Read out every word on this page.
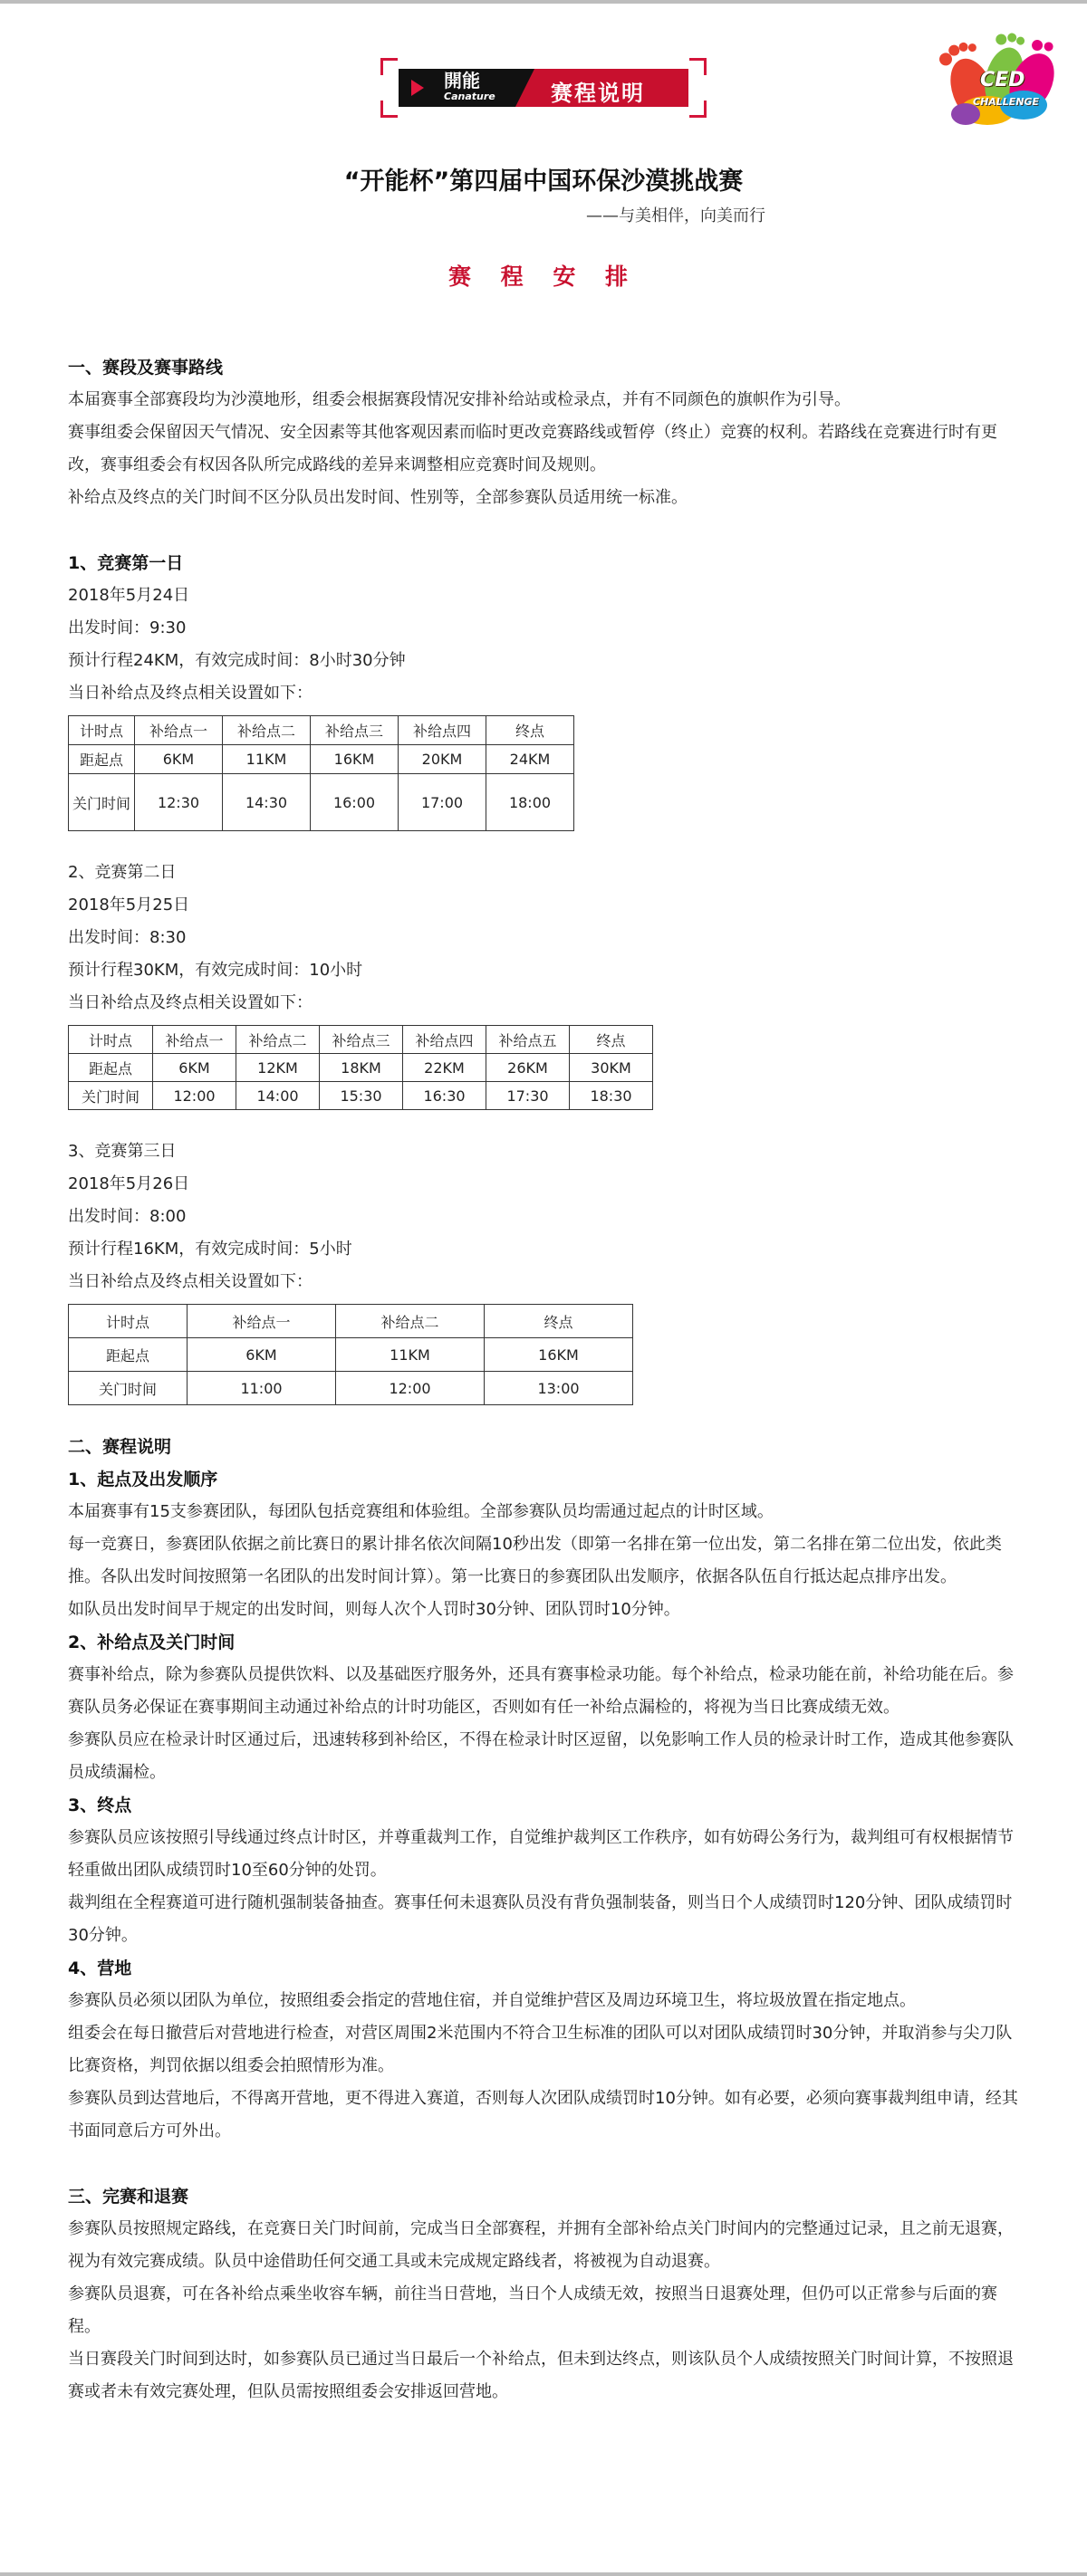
開能
Canature	赛程说明
CED
CHALLENGE
“开能杯”第四届中国环保沙漠挑战赛
——与美相伴，向美而行
赛 程 安 排

一、赛段及赛事路线

本届赛事全部赛段均为沙漠地形，组委会根据赛段情况安排补给站或检录点，并有不同颜色的旗帜作为引导。

赛事组委会保留因天气情况、安全因素等其他客观因素而临时更改竞赛路线或暂停（终止）竞赛的权利。若路线在竞赛进行时有更改，赛事组委会有权因各队所完成路线的差异来调整相应竞赛时间及规则。

补给点及终点的关门时间不区分队员出发时间、性别等，全部参赛队员适用统一标准。

1、竞赛第一日

2018年5月24日

出发时间：9:30

预计行程24KM，有效完成时间：8小时30分钟

当日补给点及终点相关设置如下：

计时点	补给点一	补给点二	补给点三	补给点四	终点
距起点	6KM	11KM	16KM	20KM	24KM
关门时间	12:30	14:30	16:00	17:00	18:00

2、竞赛第二日

2018年5月25日

出发时间：8:30

预计行程30KM，有效完成时间：10小时

当日补给点及终点相关设置如下：

计时点	补给点一	补给点二	补给点三	补给点四	补给点五	终点
距起点	6KM	12KM	18KM	22KM	26KM	30KM
关门时间	12:00	14:00	15:30	16:30	17:30	18:30

3、竞赛第三日

2018年5月26日

出发时间：8:00

预计行程16KM，有效完成时间：5小时

当日补给点及终点相关设置如下：

计时点	补给点一	补给点二	终点
距起点	6KM	11KM	16KM
关门时间	11:00	12:00	13:00

二、赛程说明

1、起点及出发顺序

本届赛事有15支参赛团队，每团队包括竞赛组和体验组。全部参赛队员均需通过起点的计时区域。

每一竞赛日，参赛团队依据之前比赛日的累计排名依次间隔10秒出发（即第一名排在第一位出发，第二名排在第二位出发，依此类推。各队出发时间按照第一名团队的出发时间计算）。第一比赛日的参赛团队出发顺序，依据各队伍自行抵达起点排序出发。

如队员出发时间早于规定的出发时间，则每人次个人罚时30分钟、团队罚时10分钟。

2、补给点及关门时间

赛事补给点，除为参赛队员提供饮料、以及基础医疗服务外，还具有赛事检录功能。每个补给点，检录功能在前，补给功能在后。参赛队员务必保证在赛事期间主动通过补给点的计时功能区，否则如有任一补给点漏检的，将视为当日比赛成绩无效。

参赛队员应在检录计时区通过后，迅速转移到补给区，不得在检录计时区逗留，以免影响工作人员的检录计时工作，造成其他参赛队员成绩漏检。

3、终点

参赛队员应该按照引导线通过终点计时区，并尊重裁判工作，自觉维护裁判区工作秩序，如有妨碍公务行为，裁判组可有权根据情节轻重做出团队成绩罚时10至60分钟的处罚。

裁判组在全程赛道可进行随机强制装备抽查。赛事任何未退赛队员没有背负强制装备，则当日个人成绩罚时120分钟、团队成绩罚时30分钟。

4、营地

参赛队员必须以团队为单位，按照组委会指定的营地住宿，并自觉维护营区及周边环境卫生，将垃圾放置在指定地点。

组委会在每日撤营后对营地进行检查，对营区周围2米范围内不符合卫生标准的团队可以对团队成绩罚时30分钟，并取消参与尖刀队比赛资格，判罚依据以组委会拍照情形为准。

参赛队员到达营地后，不得离开营地，更不得进入赛道，否则每人次团队成绩罚时10分钟。如有必要，必须向赛事裁判组申请，经其书面同意后方可外出。

三、完赛和退赛

参赛队员按照规定路线，在竞赛日关门时间前，完成当日全部赛程，并拥有全部补给点关门时间内的完整通过记录，且之前无退赛，视为有效完赛成绩。队员中途借助任何交通工具或未完成规定路线者，将被视为自动退赛。

参赛队员退赛，可在各补给点乘坐收容车辆，前往当日营地，当日个人成绩无效，按照当日退赛处理，但仍可以正常参与后面的赛程。

当日赛段关门时间到达时，如参赛队员已通过当日最后一个补给点，但未到达终点，则该队员个人成绩按照关门时间计算，不按照退赛或者未有效完赛处理，但队员需按照组委会安排返回营地。
